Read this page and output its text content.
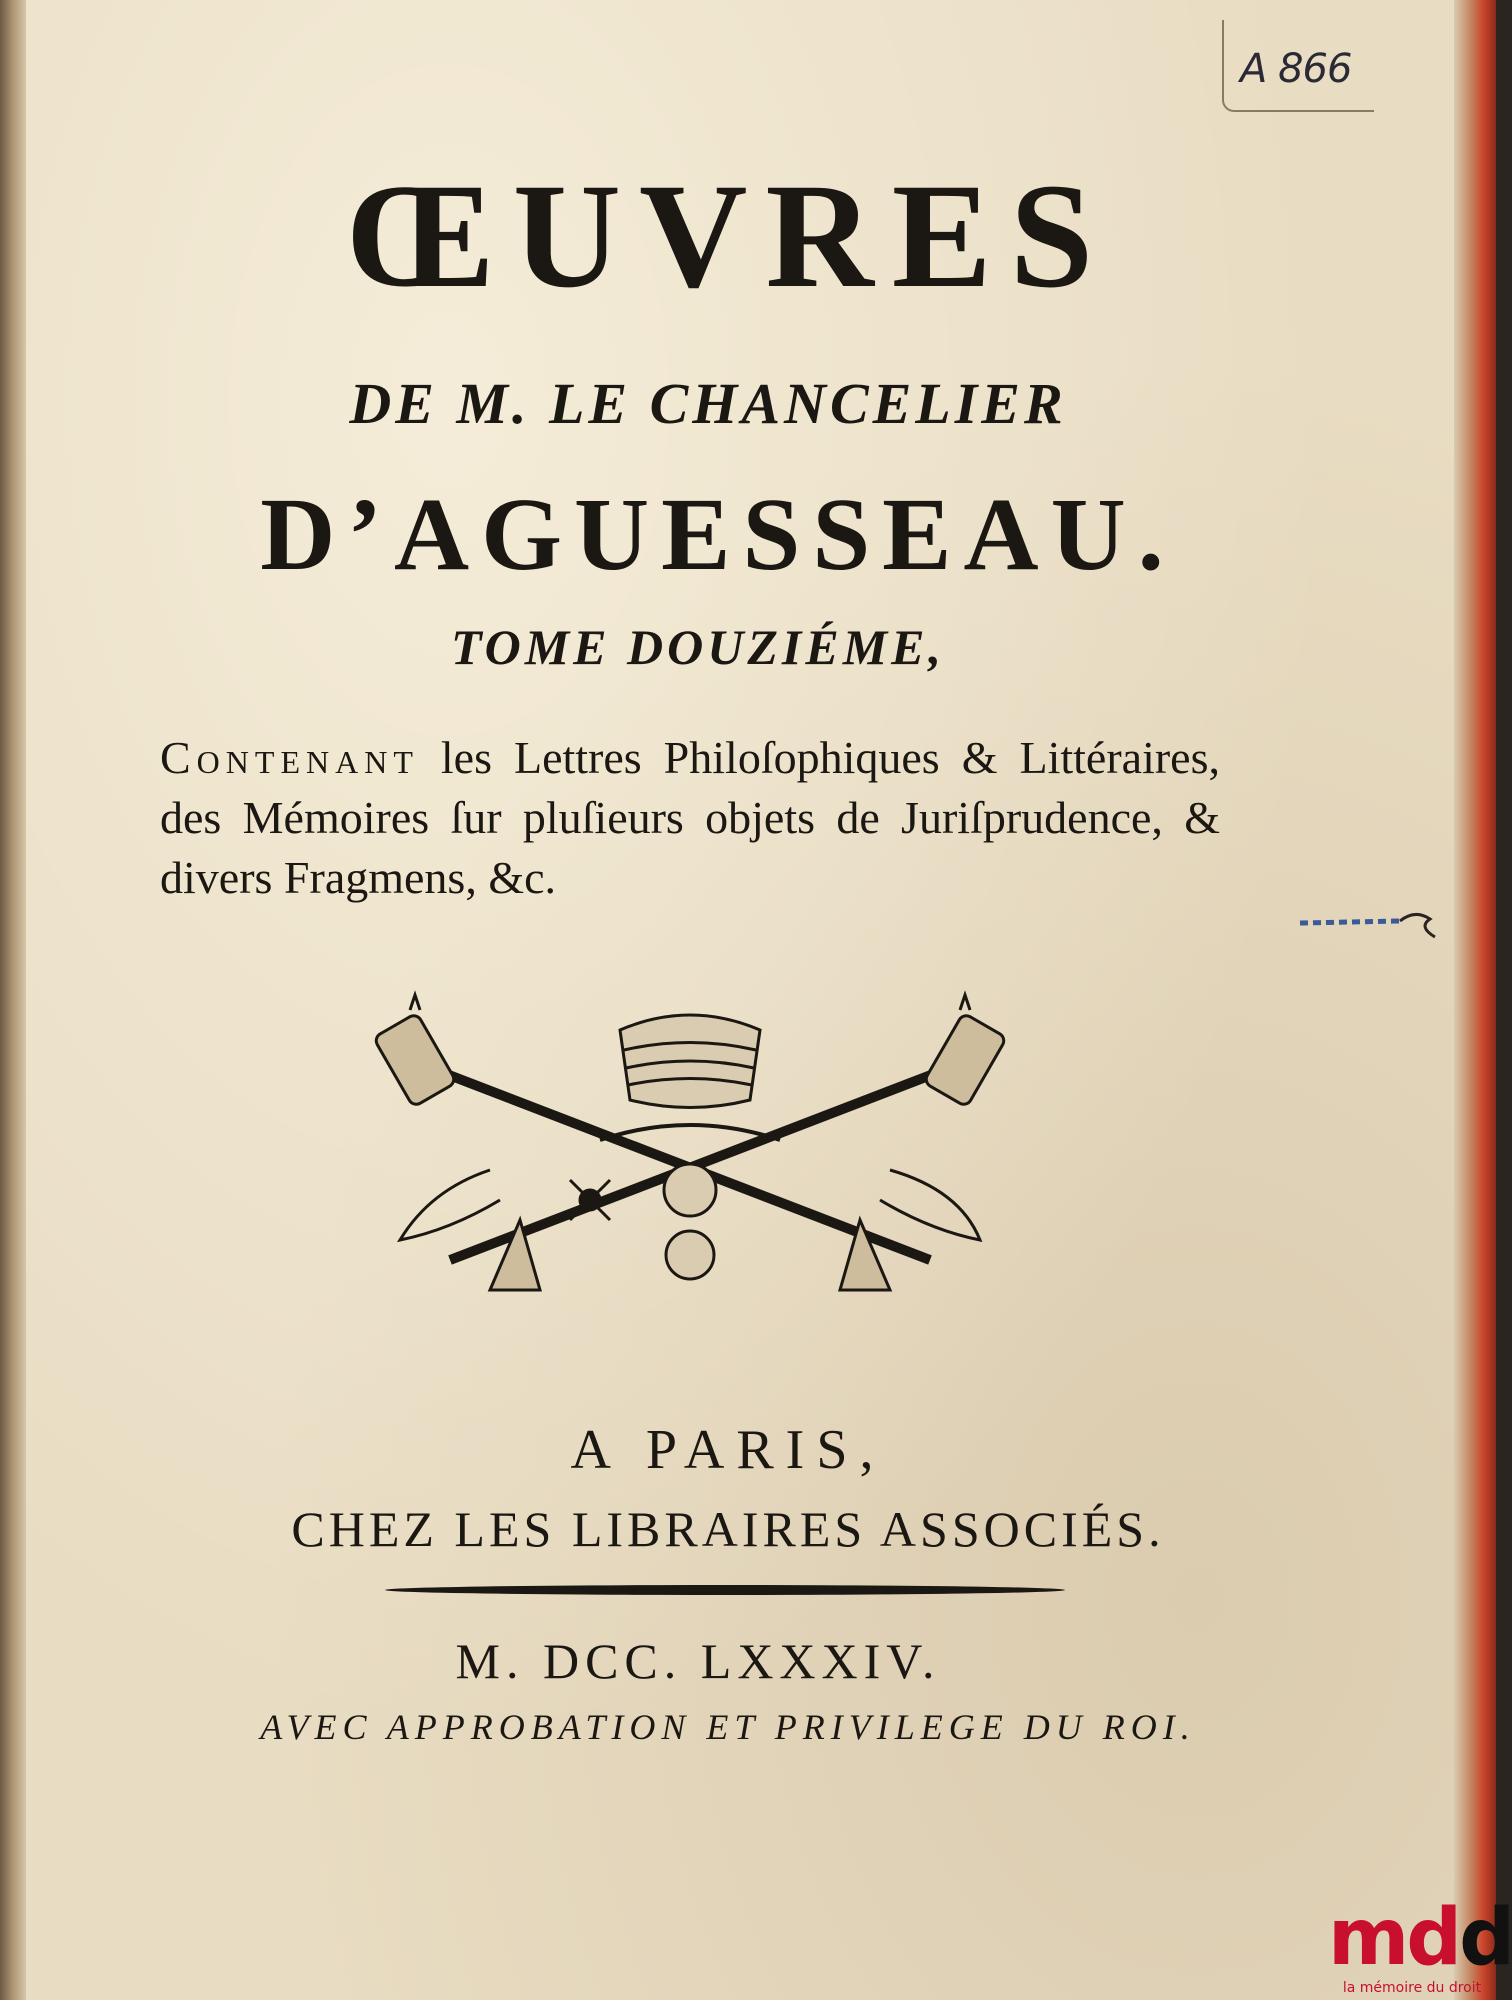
A 866
ŒUVRES
DE M. LE CHANCELIER
D’AGUESSEAU.
TOME DOUZIÉME,
Contenant les Lettres Philoſophiques & Littéraires, des Mémoires ſur pluſieurs objets de Juriſprudence, & divers Fragmens, &c.
A PARIS,
CHEZ LES LIBRAIRES ASSOCIÉS.
M. DCC. LXXXIV.
AVEC APPROBATION ET PRIVILEGE DU ROI.
mdd
la mémoire du droit
